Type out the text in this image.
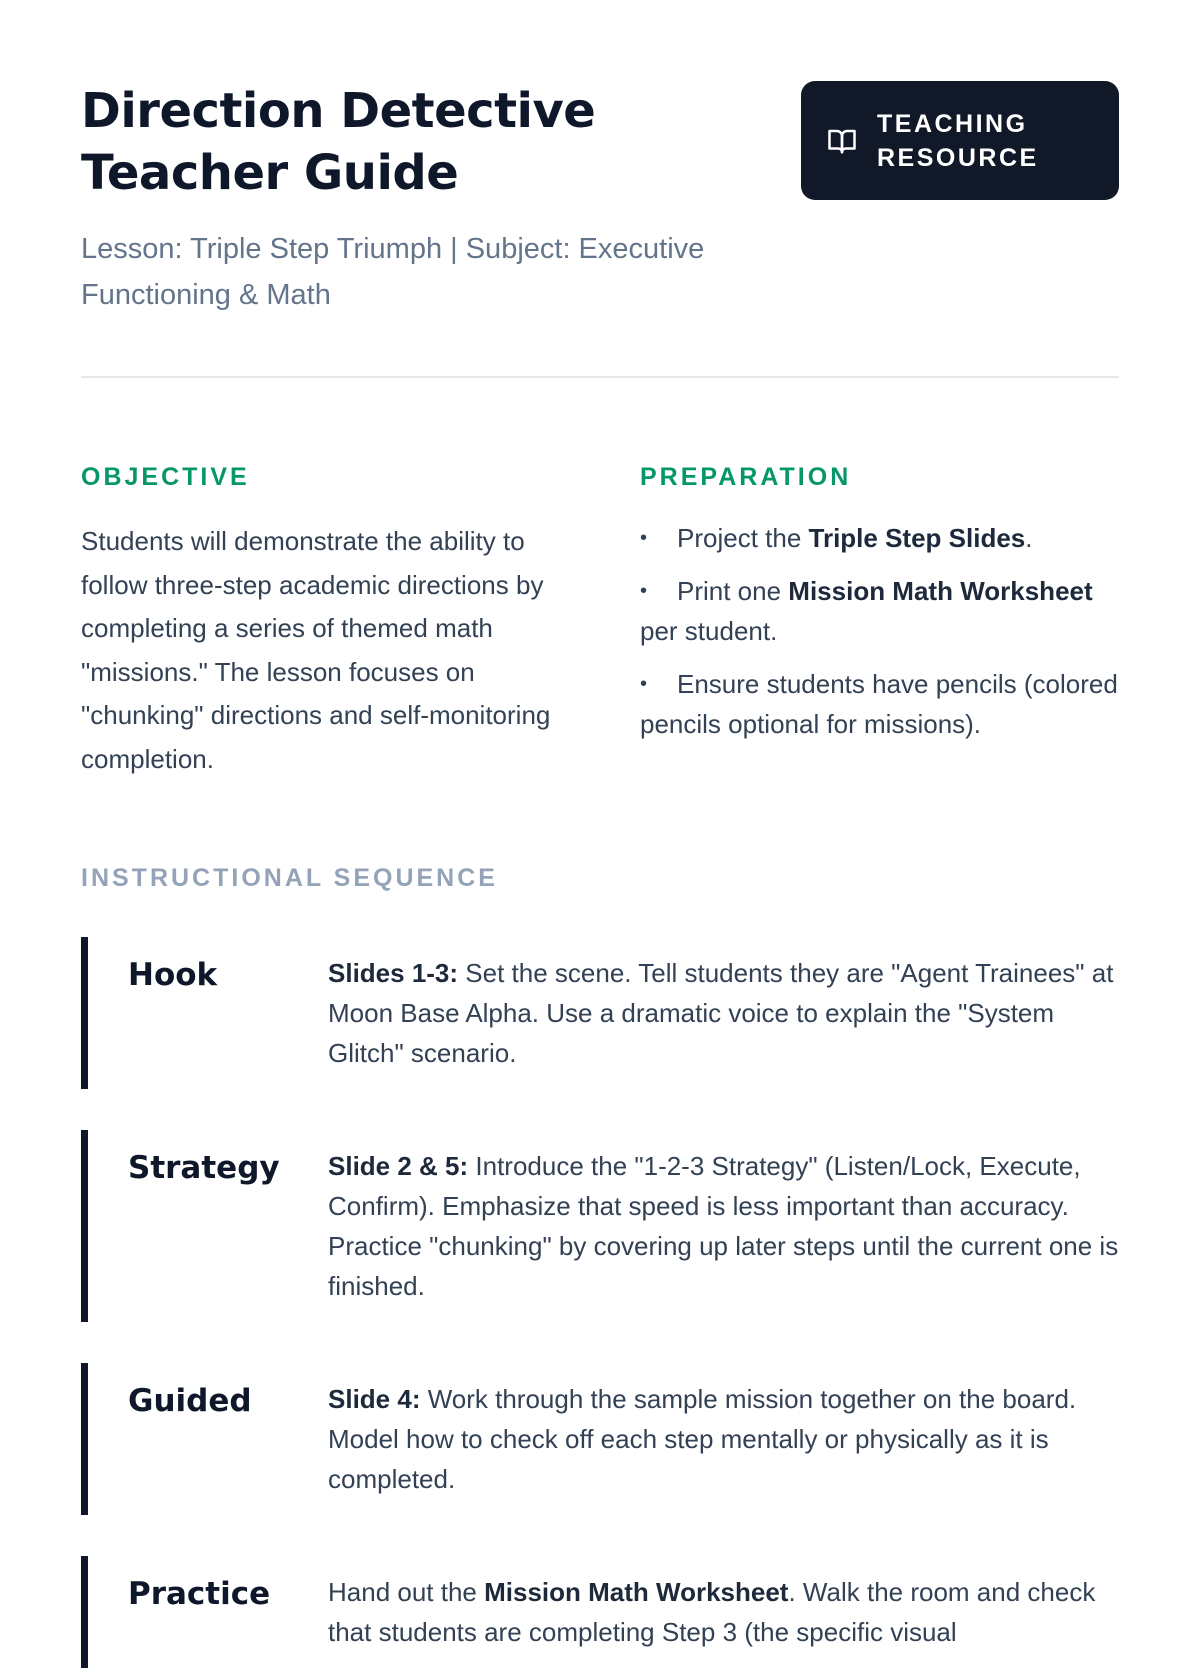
Direction Detective Teacher Guide

Lesson: Triple Step Triumph | Subject: Executive Functioning & Math

TEACHING RESOURCE
OBJECTIVE

Students will demonstrate the ability to follow three-step academic directions by completing a series of themed math "missions." The lesson focuses on "chunking" directions and self-monitoring completion.

PREPARATION
• Project the Triple Step Slides.
• Print one Mission Math Worksheet per student.
• Ensure students have pencils (colored pencils optional for missions).
INSTRUCTIONAL SEQUENCE
Hook	Slides 1-3: Set the scene. Tell students they are "Agent Trainees" at Moon Base Alpha. Use a dramatic voice to explain the "System Glitch" scenario.
Strategy	Slide 2 & 5: Introduce the "1-2-3 Strategy" (Listen/Lock, Execute, Confirm). Emphasize that speed is less important than accuracy. Practice "chunking" by covering up later steps until the current one is finished.
Guided	Slide 4: Work through the sample mission together on the board. Model how to check off each step mentally or physically as it is completed.
Practice	Hand out the Mission Math Worksheet. Walk the room and check that students are completing Step 3 (the specific visual
